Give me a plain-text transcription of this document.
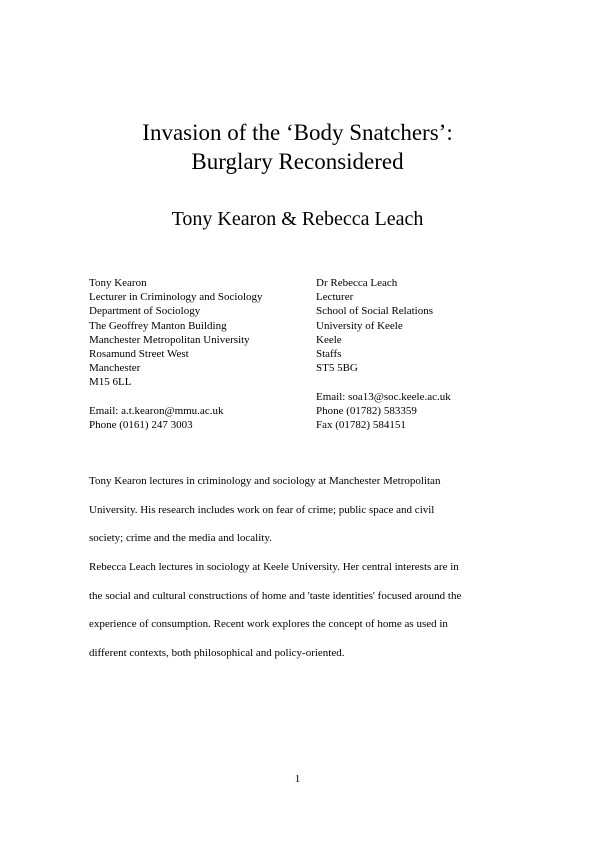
Invasion of the ‘Body Snatchers’:
Burglary Reconsidered
Tony Kearon & Rebecca Leach
Tony Kearon
Lecturer in Criminology and Sociology
Department of Sociology
The Geoffrey Manton Building
Manchester Metropolitan University
Rosamund Street West
Manchester
M15 6LL
Email: a.t.kearon@mmu.ac.uk
Phone (0161) 247 3003
Dr Rebecca Leach
Lecturer
School of Social Relations
University of Keele
Keele
Staffs
ST5 5BG
Email: soa13@soc.keele.ac.uk
Phone (01782) 583359
Fax (01782) 584151
Tony Kearon lectures in criminology and sociology at Manchester Metropolitan
University. His research includes work on fear of crime; public space and civil
society; crime and the media and locality.
Rebecca Leach lectures in sociology at Keele University. Her central interests are in
the social and cultural constructions of home and 'taste identities' focused around the
experience of consumption. Recent work explores the concept of home as used in
different contexts, both philosophical and policy-oriented.
1
